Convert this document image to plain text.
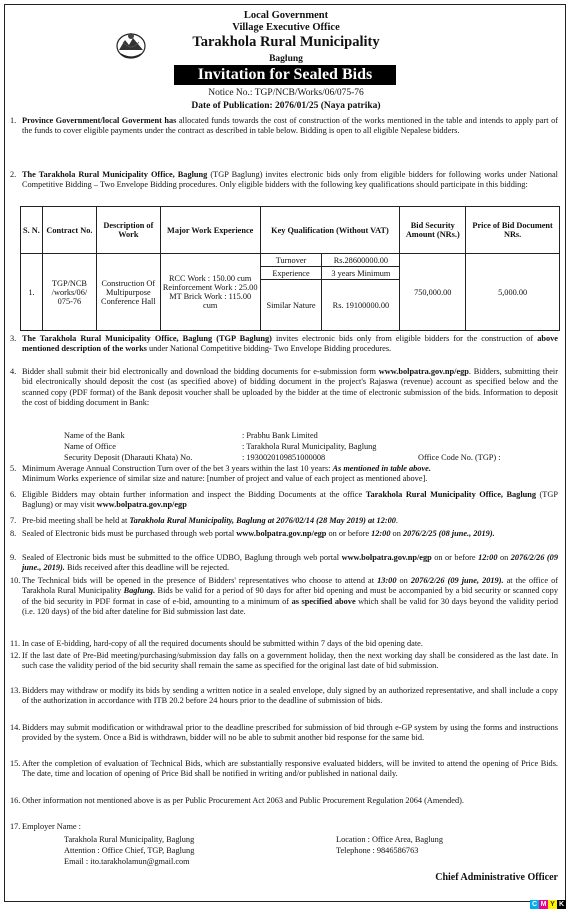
Local Government
Village Executive Office
Tarakhola Rural Municipality
Baglung
Invitation for Sealed Bids
Notice No.: TGP/NCB/Works/06/075-76
Date of Publication: 2076/01/25 (Naya patrika)
1. Province Government/local Goverment has allocated funds towards the cost of construction of the works mentioned in the table and intends to apply part of the funds to cover eligible payments under the contract as described in table below. Bidding is open to all eligible Nepalese bidders.
2. The Tarakhola Rural Municipality Office, Baglung (TGP Baglung) invites electronic bids only from eligible bidders for following works under National Competitive Bidding – Two Envelope Bidding procedures. Only eligible bidders with the following key qualifications should participate in this bidding:
S. N.	Contract No.	Description of Work	Major Work Experience	Key Qualification (Without VAT)		Bid Security Amount (NRs.)	Price of Bid Document NRs.
1.	TGP/NCB /works/06/ 075-76	Construction Of Multipurpose Conference Hall	RCC Work : 150.00 cum Reinforcement Work : 25.00 MT Brick Work : 115.00 cum	Turnover	Rs.28600000.00	750,000.00	5,000.00
				Experience	3 years Minimum		
				Similar Nature	Rs. 19100000.00		
3. The Tarakhola Rural Municipality Office, Baglung (TGP Baglung) invites electronic bids only from eligible bidders for the construction of above mentioned description of the works under National Competitive bidding- Two Envelope Bidding procedures.
4. Bidder shall submit their bid electronically and download the bidding documents for e-submission form www.bolpatra.gov.np/egp. Bidders, submitting their bid electronically should deposit the cost (as specified above) of bidding document in the project's Rajaswa (revenue) account as specified below and the scanned copy (PDF format) of the Bank deposit voucher shall be uploaded by the bidder at the time of electronic submission of the bids. Information to deposit the cost of bidding document in Bank:
Name of the Bank	: Prabhu Bank Limited
Name of Office	: Tarakhola Rural Municipality, Baglung
Security Deposit (Dharauti Khata) No.	: 1930020109851000008	Office Code No. (TGP) :
5. Minimum Average Annual Construction Turn over of the bet 3 years within the last 10 years: As mentioned in table above.
Minimum Works experience of similar size and nature: [number of project and value of each project as mentioned above].
6. Eligible Bidders may obtain further information and inspect the Bidding Documents at the office Tarakhola Rural Municipality Office, Baglung (TGP Baglung) or may visit www.bolpatra.gov.np/egp
7. Pre-bid meeting shall be held at Tarakhola Rural Municipality, Baglung at 2076/02/14 (28 May 2019) at 12:00.
8. Sealed of Electronic bids must be purchased through web portal www.bolpatra.gov.np/egp on or before 12:00 on 2076/2/25 (08 june., 2019).
9. Sealed of Electronic bids must be submitted to the office UDBO, Baglung through web portal www.bolpatra.gov.np/egp on or before 12:00 on 2076/2/26 (09 june., 2019). Bids received after this deadline will be rejected.
10. The Technical bids will be opened in the presence of Bidders' representatives who choose to attend at 13:00 on 2076/2/26 (09 june, 2019). at the office of Tarakhola Rural Municipality Baglung. Bids be valid for a period of 90 days for after bid opening and must be accompanied by a bid security or scanned copy of the bid security in PDF format in case of e-bid, amounting to a minimum of as specified above which shall be valid for 30 days beyond the validity period (i.e. 120 days) of the bid after dateline for Bid submission last date.
11. In case of E-bidding, hard-copy of all the required documents should be submitted within 7 days of the bid opening date.
12. If the last date of Pre-Bid meeting/purchasing/submission day falls on a government holiday, then the next working day shall be considered as the last date. In such case the validity period of the bid security shall remain the same as specified for the original last date of bid submission.
13. Bidders may withdraw or modify its bids by sending a written notice in a sealed envelope, duly signed by an authorized representative, and shall include a copy of the authorization in accordance with ITB 20.2 before 24 hours prior to the deadline of submission of bids.
14. Bidders may submit modification or withdrawal prior to the deadline prescribed for submission of bid through e-GP system by using the forms and instructions provided by the system. Once a Bid is withdrawn, bidder will no be able to submit another bid response for the same bid.
15. After the completion of evaluation of Technical Bids, which are substantially responsive evaluated bidders, will be invited to attend the opening of Price Bids. The date, time and location of opening of Price Bid shall be notified in writing and/or published in national daily.
16. Other information not mentioned above is as per Public Procurement Act 2063 and Public Procurement Regulation 2064 (Amended).
17. Employer Name :
Tarakhola Rural Municipality, Baglung
Attention : Office Chief, TGP, Baglung
Email : ito.tarakholamun@gmail.com
Location : Office Area, Baglung
Telephone : 9846586763
Chief Administrative Officer
C M Y K
